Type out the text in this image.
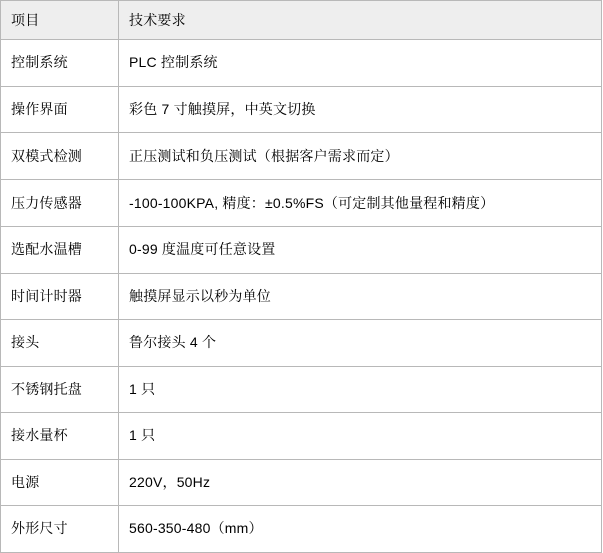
项目	技术要求
控制系统	PLC 控制系统
操作界面	彩色 7 寸触摸屏，中英文切换
双模式检测	正压测试和负压测试（根据客户需求而定）
压力传感器	-100-100KPA, 精度：±0.5%FS（可定制其他量程和精度）
选配水温槽	0-99 度温度可任意设置
时间计时器	触摸屏显示以秒为单位
接头	鲁尔接头 4 个
不锈钢托盘	1 只
接水量杯	1 只
电源	220V，50Hz
外形尺寸	560-350-480（mm）
